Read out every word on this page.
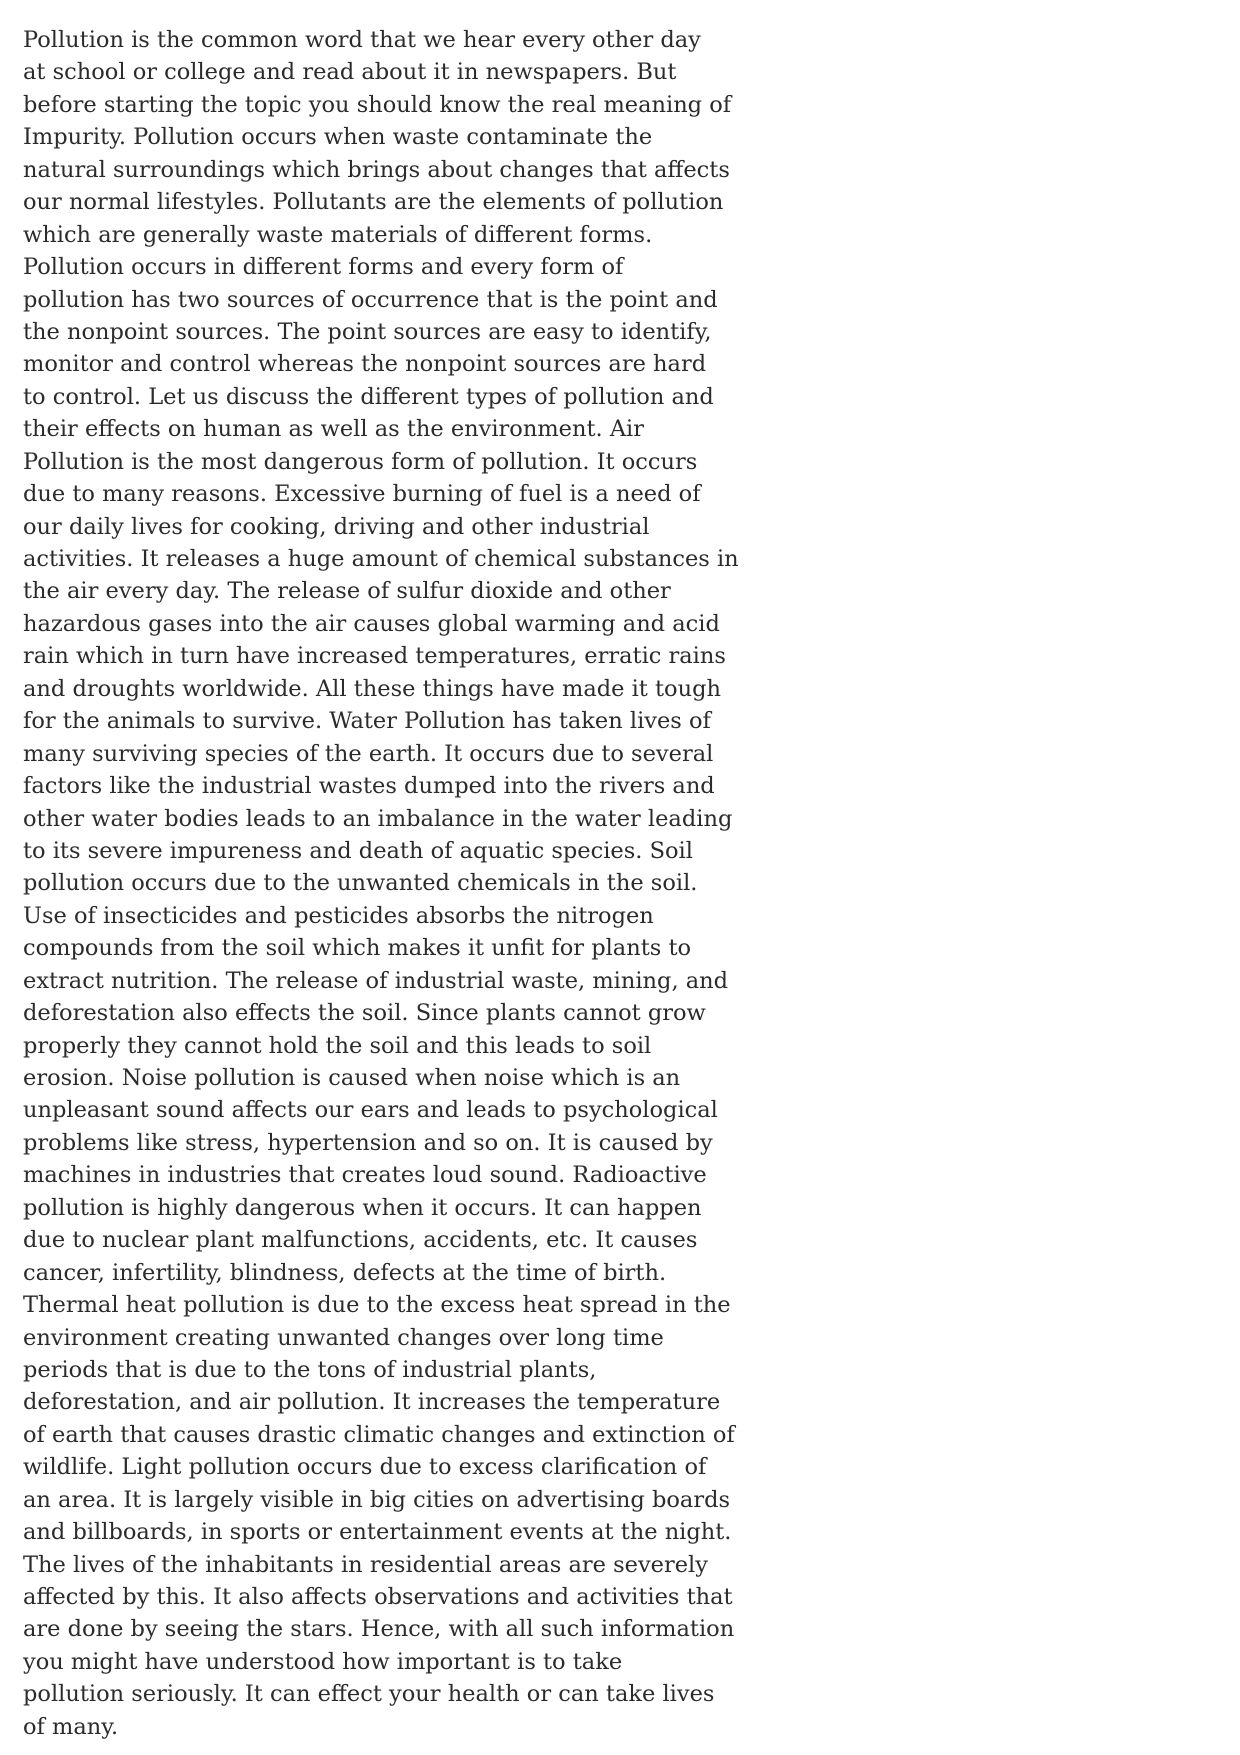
Pollution is the common word that we hear every other day
at school or college and read about it in newspapers. But
before starting the topic you should know the real meaning of
Impurity. Pollution occurs when waste contaminate the
natural surroundings which brings about changes that affects
our normal lifestyles. Pollutants are the elements of pollution
which are generally waste materials of different forms.
Pollution occurs in different forms and every form of
pollution has two sources of occurrence that is the point and
the nonpoint sources. The point sources are easy to identify,
monitor and control whereas the nonpoint sources are hard
to control. Let us discuss the different types of pollution and
their effects on human as well as the environment. Air
Pollution is the most dangerous form of pollution. It occurs
due to many reasons. Excessive burning of fuel is a need of
our daily lives for cooking, driving and other industrial
activities. It releases a huge amount of chemical substances in
the air every day. The release of sulfur dioxide and other
hazardous gases into the air causes global warming and acid
rain which in turn have increased temperatures, erratic rains
and droughts worldwide. All these things have made it tough
for the animals to survive. Water Pollution has taken lives of
many surviving species of the earth. It occurs due to several
factors like the industrial wastes dumped into the rivers and
other water bodies leads to an imbalance in the water leading
to its severe impureness and death of aquatic species. Soil
pollution occurs due to the unwanted chemicals in the soil.
Use of insecticides and pesticides absorbs the nitrogen
compounds from the soil which makes it unfit for plants to
extract nutrition. The release of industrial waste, mining, and
deforestation also effects the soil. Since plants cannot grow
properly they cannot hold the soil and this leads to soil
erosion. Noise pollution is caused when noise which is an
unpleasant sound affects our ears and leads to psychological
problems like stress, hypertension and so on. It is caused by
machines in industries that creates loud sound. Radioactive
pollution is highly dangerous when it occurs. It can happen
due to nuclear plant malfunctions, accidents, etc. It causes
cancer, infertility, blindness, defects at the time of birth.
Thermal heat pollution is due to the excess heat spread in the
environment creating unwanted changes over long time
periods that is due to the tons of industrial plants,
deforestation, and air pollution. It increases the temperature
of earth that causes drastic climatic changes and extinction of
wildlife. Light pollution occurs due to excess clarification of
an area. It is largely visible in big cities on advertising boards
and billboards, in sports or entertainment events at the night.
The lives of the inhabitants in residential areas are severely
affected by this. It also affects observations and activities that
are done by seeing the stars. Hence, with all such information
you might have understood how important is to take
pollution seriously. It can effect your health or can take lives
of many.
